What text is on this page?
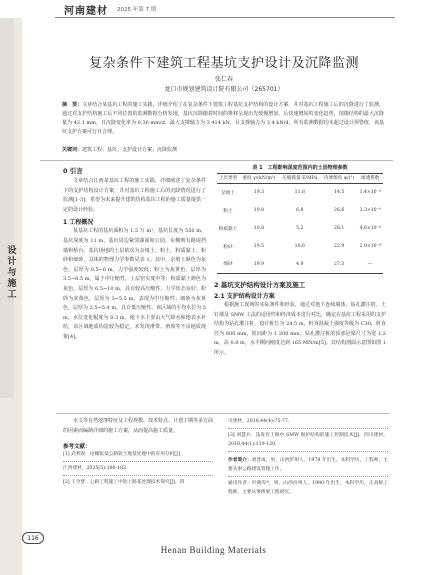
河南建材 2025 年第 7 期
设
计
与
施
工
复杂条件下建筑工程基坑支护设计及沉降监测
张仁春
龙口市规划建筑设计院有限公司（265701）
摘　要：文章结合某基坑工程的施工实践，详细介绍了在复杂条件下建筑工程基坑支护结构的设计方案，并对基坑工程施工后的沉降进行了监测。通过对支护结构施工后不同位置的监测数据分析发现，基坑沉降随着时间的推移呈现出先缓慢增加、后快速增加的变化趋势，围墙结构的最大沉降量为 42.1 mm，且沉降变化率为 0.36 mm/d；最大支撑轴力为 3 414 kN，目支撑轴力为 3 4 kN/d，所有监测数据均未超过设计预警值，该基坑支护方案可行且合理。
关键词：建筑工程；基坑；支护设计方案；沉降监测
0 引言

文章结合江西某基坑工程的施工实践，详细阐述了复杂条件下的支护结构设计方案，并对基坑工程施工后的沉降情况进行了监测[1-3]，希望为未来提升建筑结构基坑工程的施工质量提供一定的设计经验。

1 工程概况

某基坑工程的基坑面积为 1.5 万 m²，基坑长度为 550 m，基坑深度为 11 m，基坑周边紧邻湖面和公园，东侧则有路堤挡墙和桥台。基坑场地的土层依次为杂填土、粉土、粉质黏土、粉砂和细砂，具体的物理力学参数见表 1。其中，杂填土颜色为灰色，层厚为 0.5~6 m，力学强度较低；粉土为灰黄色，层厚为 3.5~8.5 m，属于中压缩性，土层密实度中等；粉质黏土颜色为灰色，层厚为 6.5~10 m，具有较高压缩性，力学状态良好；粉砂为灰黄色，层厚为 3~5.5 m，表现为中压缩性；细砂为灰黄色，层厚为 2.5~5.4 m，具有低压缩性。该区域的平均水位为 5 m，水位变化幅度为 0.3 m，地下水主要由大气降水和地表水补给，该区域地质构造较为稳定，未发现滑带、滑坡等不良地质现象[4]。

表 1　工程影响深度范围内的土层物理参数
土层类型	重度 γ/(kN/m³)	压缩模量 E/MPa	内摩擦角 φ/(°)	渗透系数
杂填土	19.3	11.8	14.5	1.4×10⁻⁴
粉土	19.8	6.8	26.6	3.3×10⁻⁴
粉质黏土	19.8	5.2	28.1	4.6×10⁻⁴
粉砂	19.5	10.6	22.9	2.0×10⁻⁴
细砂	19.9	4.9	27.3	—
2 基坑支护结构设计方案及施工
2.1 支护结构设计方案

根据施工现场的实际条件和经验，通过对地下连续墙体、钻孔灌注桩、土钉墙及 SMW 工法的适用性和经济成本进行对比，确定在基坑工程采用的支护结构为钻孔灌注桩，设计桩长为 24.5 m，桩身混凝土强度等级为 C30，桩直径为 800 mm，桩间距为 1 200 mm，钻孔灌注桩的顶部冠梁尺寸为宽 1.2 m，高 0.8 m，水平侧向刚度达到 165 MN/m[5]。其结构剖面示意图如图 1 所示。

水文等自然地理特征及工程规模、技术特点、计划工期等多方面的因素而编制详细的施工方案，从而提高施工质量。

参考文献：

[1] 武利春．论哪张某公路软土地基处理中的应用分析[J]．

江西建材，2025(5):180-182.

[2] 王令梦．公路工程施工中软土路基处理技术探究[J]．四

川建材，2018,44(4):75-77.

[3] 刘慧兵．浅发有上路中 SMW 围护结构的施工控制技术[J]．四川建材，2018,44(1):119-120.

作者简介：刘晋成，男，山西忻州人，1978 年出生，本科学历，工程师，主要从事公路建设管理工作。

通讯作者：叶晓军*，男，山西汾州人，1980 年出生，本科学历，正高级工程师，主要从事桥梁工程研究。

116
Henan Building Materials
